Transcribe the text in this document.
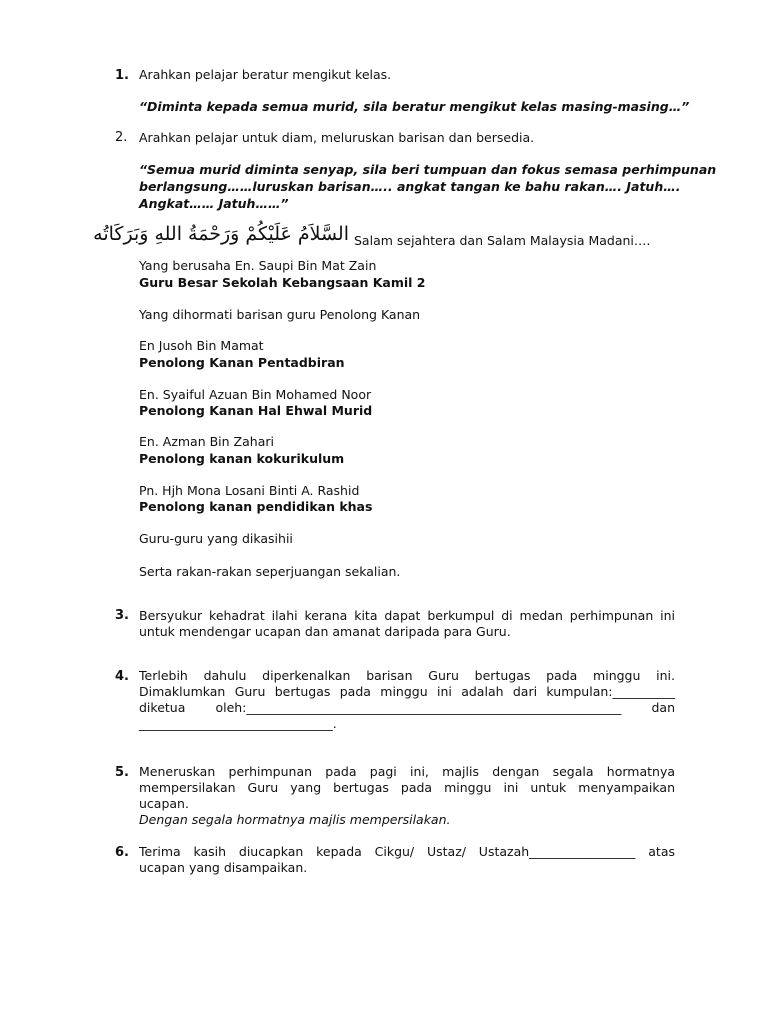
1. Arahkan pelajar beratur mengikut kelas.
“Diminta kepada semua murid, sila beratur mengikut kelas masing-masing…”
2. Arahkan pelajar untuk diam, meluruskan barisan dan bersedia.
“Semua murid diminta senyap, sila beri tumpuan dan fokus semasa perhimpunan
berlangsung……luruskan barisan….. angkat tangan ke bahu rakan…. Jatuh….
Angkat…… Jatuh……”
السَّلاَمُ عَلَيْكُمْ وَرَحْمَةُ اللهِ وَبَرَكَاتُه Salam sejahtera dan Salam Malaysia Madani….
Yang berusaha En. Saupi Bin Mat Zain
Guru Besar Sekolah Kebangsaan Kamil 2
Yang dihormati barisan guru Penolong Kanan
En Jusoh Bin Mamat
Penolong Kanan Pentadbiran
En. Syaiful Azuan Bin Mohamed Noor
Penolong Kanan Hal Ehwal Murid
En. Azman Bin Zahari
Penolong kanan kokurikulum
Pn. Hjh Mona Losani Binti A. Rashid
Penolong kanan pendidikan khas
Guru-guru yang dikasihii
Serta rakan-rakan seperjuangan sekalian.
3. Bersyukur kehadrat ilahi kerana kita dapat berkumpul di medan perhimpunan ini
untuk mendengar ucapan dan amanat daripada para Guru.
4. Terlebih dahulu diperkenalkan barisan Guru bertugas pada minggu ini.
Dimaklumkan Guru bertugas pada minggu ini adalah dari kumpulan:__________
diketua oleh:____________________________________________________________ dan
_______________________________.
5. Meneruskan perhimpunan pada pagi ini, majlis dengan segala hormatnya
mempersilakan Guru yang bertugas pada minggu ini untuk menyampaikan
ucapan.
Dengan segala hormatnya majlis mempersilakan.
6. Terima kasih diucapkan kepada Cikgu/ Ustaz/ Ustazah_________________ atas
ucapan yang disampaikan.
